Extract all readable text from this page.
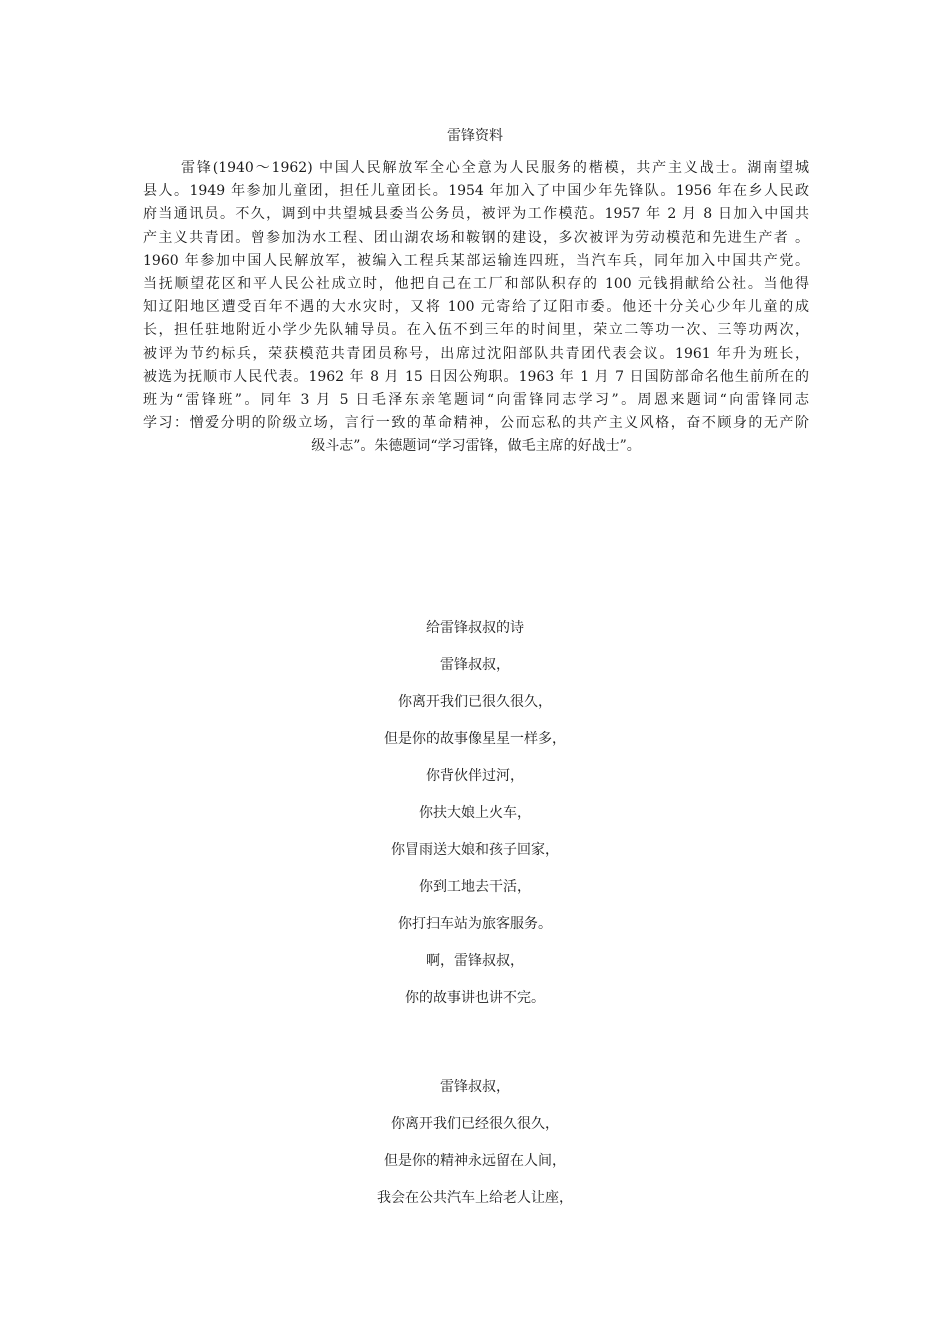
雷锋资料
雷锋(1940～1962) 中国人民解放军全心全意为人民服务的楷模，共产主义战士。湖南望城
县人。1949 年参加儿童团，担任儿童团长。1954 年加入了中国少年先锋队。1956 年在乡人民政
府当通讯员。不久，调到中共望城县委当公务员，被评为工作模范。1957 年 2 月 8 日加入中国共
产主义共青团。曾参加沩水工程、团山湖农场和鞍钢的建设，多次被评为劳动模范和先进生产者 。
1960 年参加中国人民解放军，被编入工程兵某部运输连四班，当汽车兵，同年加入中国共产党。
当抚顺望花区和平人民公社成立时，他把自己在工厂和部队积存的 100 元钱捐献给公社。当他得
知辽阳地区遭受百年不遇的大水灾时，又将 100 元寄给了辽阳市委。他还十分关心少年儿童的成
长，担任驻地附近小学少先队辅导员。在入伍不到三年的时间里，荣立二等功一次、三等功两次，
被评为节约标兵，荣获模范共青团员称号，出席过沈阳部队共青团代表会议。1961 年升为班长，
被选为抚顺市人民代表。1962 年 8 月 15 日因公殉职。1963 年 1 月 7 日国防部命名他生前所在的
班为“雷锋班”。同年 3 月 5 日毛泽东亲笔题词“向雷锋同志学习”。周恩来题词“向雷锋同志
学习：憎爱分明的阶级立场，言行一致的革命精神，公而忘私的共产主义风格，奋不顾身的无产阶
级斗志”。朱德题词“学习雷锋，做毛主席的好战士”。
给雷锋叔叔的诗
雷锋叔叔，
你离开我们已很久很久，
但是你的故事像星星一样多，
你背伙伴过河，
你扶大娘上火车，
你冒雨送大娘和孩子回家，
你到工地去干活，
你打扫车站为旅客服务。
啊，雷锋叔叔，
你的故事讲也讲不完。
雷锋叔叔，
你离开我们已经很久很久，
但是你的精神永远留在人间，
我会在公共汽车上给老人让座，
